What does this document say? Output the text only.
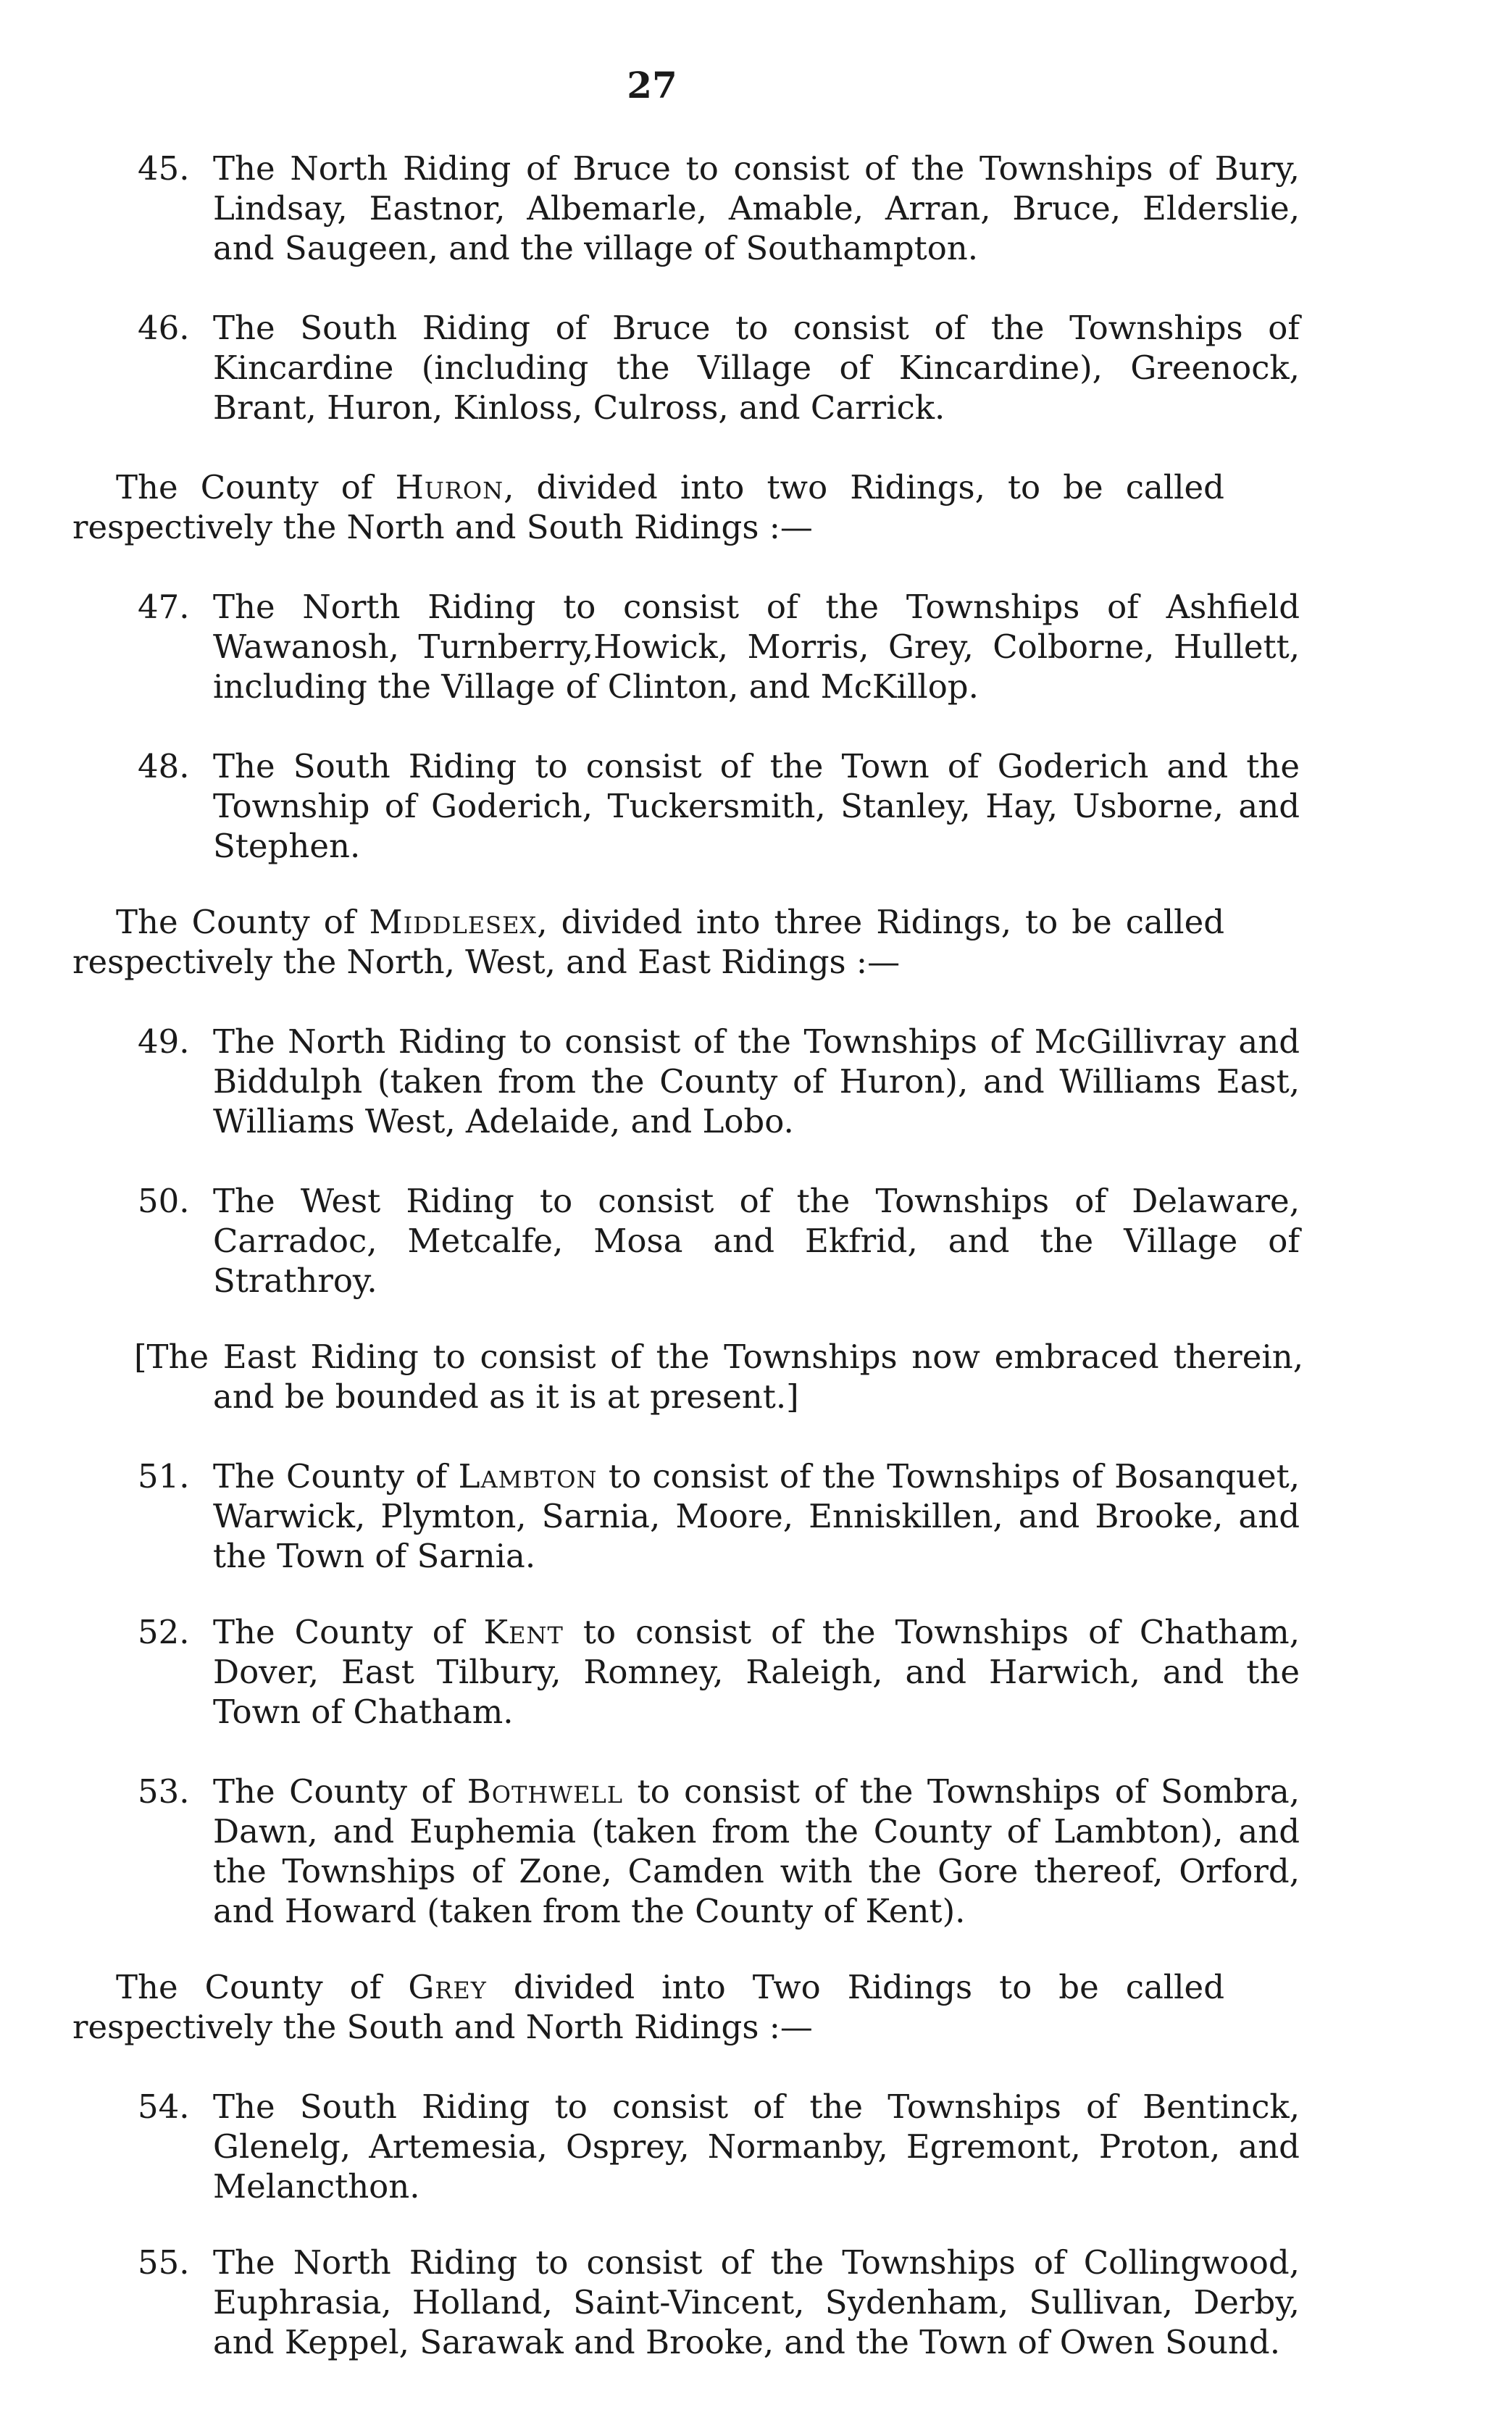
27

45. The North Riding of Bruce to consist of the Townships of Bury, Lindsay, Eastnor, Albemarle, Amable, Arran, Bruce, Elderslie, and Saugeen, and the village of Southampton.

46. The South Riding of Bruce to consist of the Townships of Kincardine (including the Village of Kincardine), Greenock, Brant, Huron, Kinloss, Culross, and Carrick.

The County of Huron, divided into two Ridings, to be called respectively the North and South Ridings :—

47. The North Riding to consist of the Townships of Ashfield Wawanosh, Turnberry,Howick, Morris, Grey, Colborne, Hullett, including the Village of Clinton, and McKillop.

48. The South Riding to consist of the Town of Goderich and the Township of Goderich, Tuckersmith, Stanley, Hay, Usborne, and Stephen.

The County of Middlesex, divided into three Ridings, to be called respectively the North, West, and East Ridings :—

49. The North Riding to consist of the Townships of McGillivray and Biddulph (taken from the County of Huron), and Williams East, Williams West, Adelaide, and Lobo.

50. The West Riding to consist of the Townships of Delaware, Carradoc, Metcalfe, Mosa and Ekfrid, and the Village of Strathroy.

[The East Riding to consist of the Townships now embraced therein, and be bounded as it is at present.]

51. The County of Lambton to consist of the Townships of Bosanquet, Warwick, Plymton, Sarnia, Moore, Enniskillen, and Brooke, and the Town of Sarnia.

52. The County of Kent to consist of the Townships of Chatham, Dover, East Tilbury, Romney, Raleigh, and Harwich, and the Town of Chatham.

53. The County of Bothwell to consist of the Townships of Sombra, Dawn, and Euphemia (taken from the County of Lambton), and the Townships of Zone, Camden with the Gore thereof, Orford, and Howard (taken from the County of Kent).

The County of Grey divided into Two Ridings to be called respectively the South and North Ridings :—

54. The South Riding to consist of the Townships of Bentinck, Glenelg, Artemesia, Osprey, Normanby, Egremont, Proton, and Melancthon.

55. The North Riding to consist of the Townships of Collingwood, Euphrasia, Holland, Saint-Vincent, Sydenham, Sullivan, Derby, and Keppel, Sarawak and Brooke, and the Town of Owen Sound.
